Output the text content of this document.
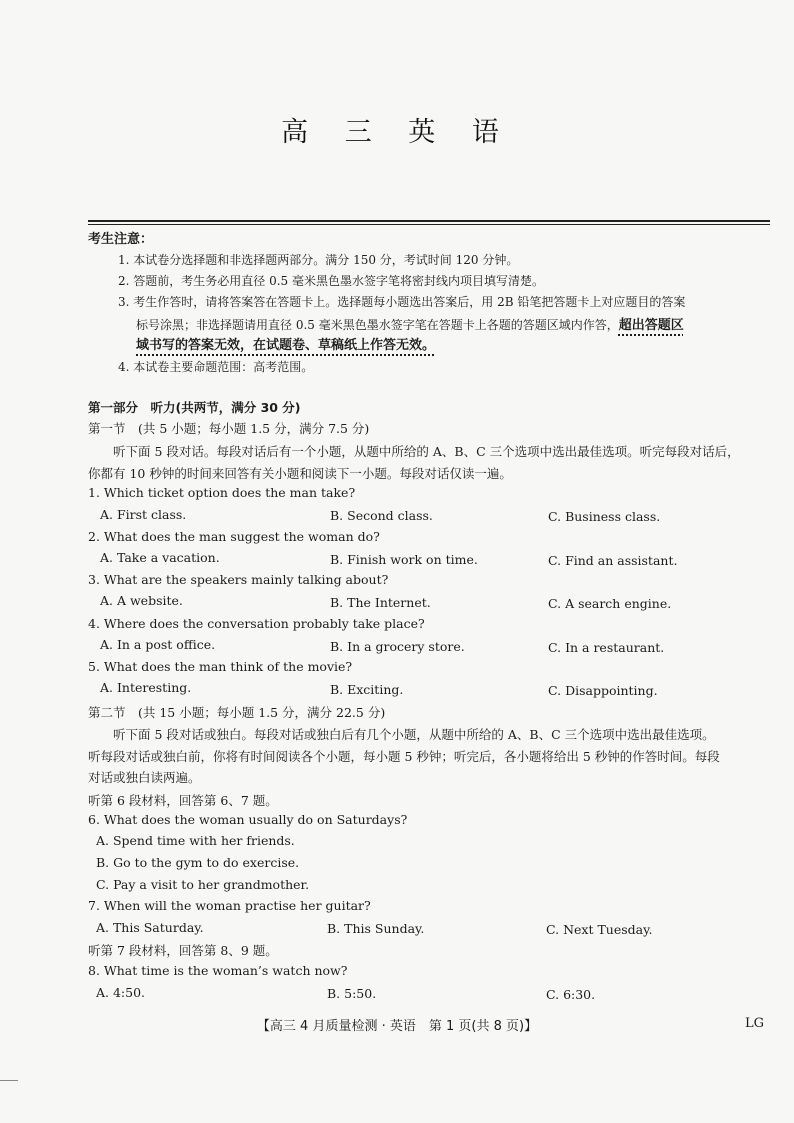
高 三 英 语
考生注意：
1. 本试卷分选择题和非选择题两部分。满分 150 分，考试时间 120 分钟。
2. 答题前，考生务必用直径 0.5 毫米黑色墨水签字笔将密封线内项目填写清楚。
3. 考生作答时，请将答案答在答题卡上。选择题每小题选出答案后，用 2B 铅笔把答题卡上对应题目的答案
标号涂黑；非选择题请用直径 0.5 毫米黑色墨水签字笔在答题卡上各题的答题区域内作答，超出答题区
域书写的答案无效，在试题卷、草稿纸上作答无效。
4. 本试卷主要命题范围：高考范围。
第一部分　听力(共两节，满分 30 分)
第一节　(共 5 小题；每小题 1.5 分，满分 7.5 分)
听下面 5 段对话。每段对话后有一个小题，从题中所给的 A、B、C 三个选项中选出最佳选项。听完每段对话后，
你都有 10 秒钟的时间来回答有关小题和阅读下一小题。每段对话仅读一遍。
1. Which ticket option does the man take?
A. First class.	B. Second class.	C. Business class.
2. What does the man suggest the woman do?
A. Take a vacation.	B. Finish work on time.	C. Find an assistant.
3. What are the speakers mainly talking about?
A. A website.	B. The Internet.	C. A search engine.
4. Where does the conversation probably take place?
A. In a post office.	B. In a grocery store.	C. In a restaurant.
5. What does the man think of the movie?
A. Interesting.	B. Exciting.	C. Disappointing.
第二节　(共 15 小题；每小题 1.5 分，满分 22.5 分)
听下面 5 段对话或独白。每段对话或独白后有几个小题，从题中所给的 A、B、C 三个选项中选出最佳选项。
听每段对话或独白前，你将有时间阅读各个小题，每小题 5 秒钟；听完后，各小题将给出 5 秒钟的作答时间。每段
对话或独白读两遍。
听第 6 段材料，回答第 6、7 题。
6. What does the woman usually do on Saturdays?
A. Spend time with her friends.
B. Go to the gym to do exercise.
C. Pay a visit to her grandmother.
7. When will the woman practise her guitar?
A. This Saturday.	B. This Sunday.	C. Next Tuesday.
听第 7 段材料，回答第 8、9 题。
8. What time is the woman’s watch now?
A. 4:50.	B. 5:50.	C. 6:30.
【高三 4 月质量检测 · 英语　第 1 页(共 8 页)】	LG
